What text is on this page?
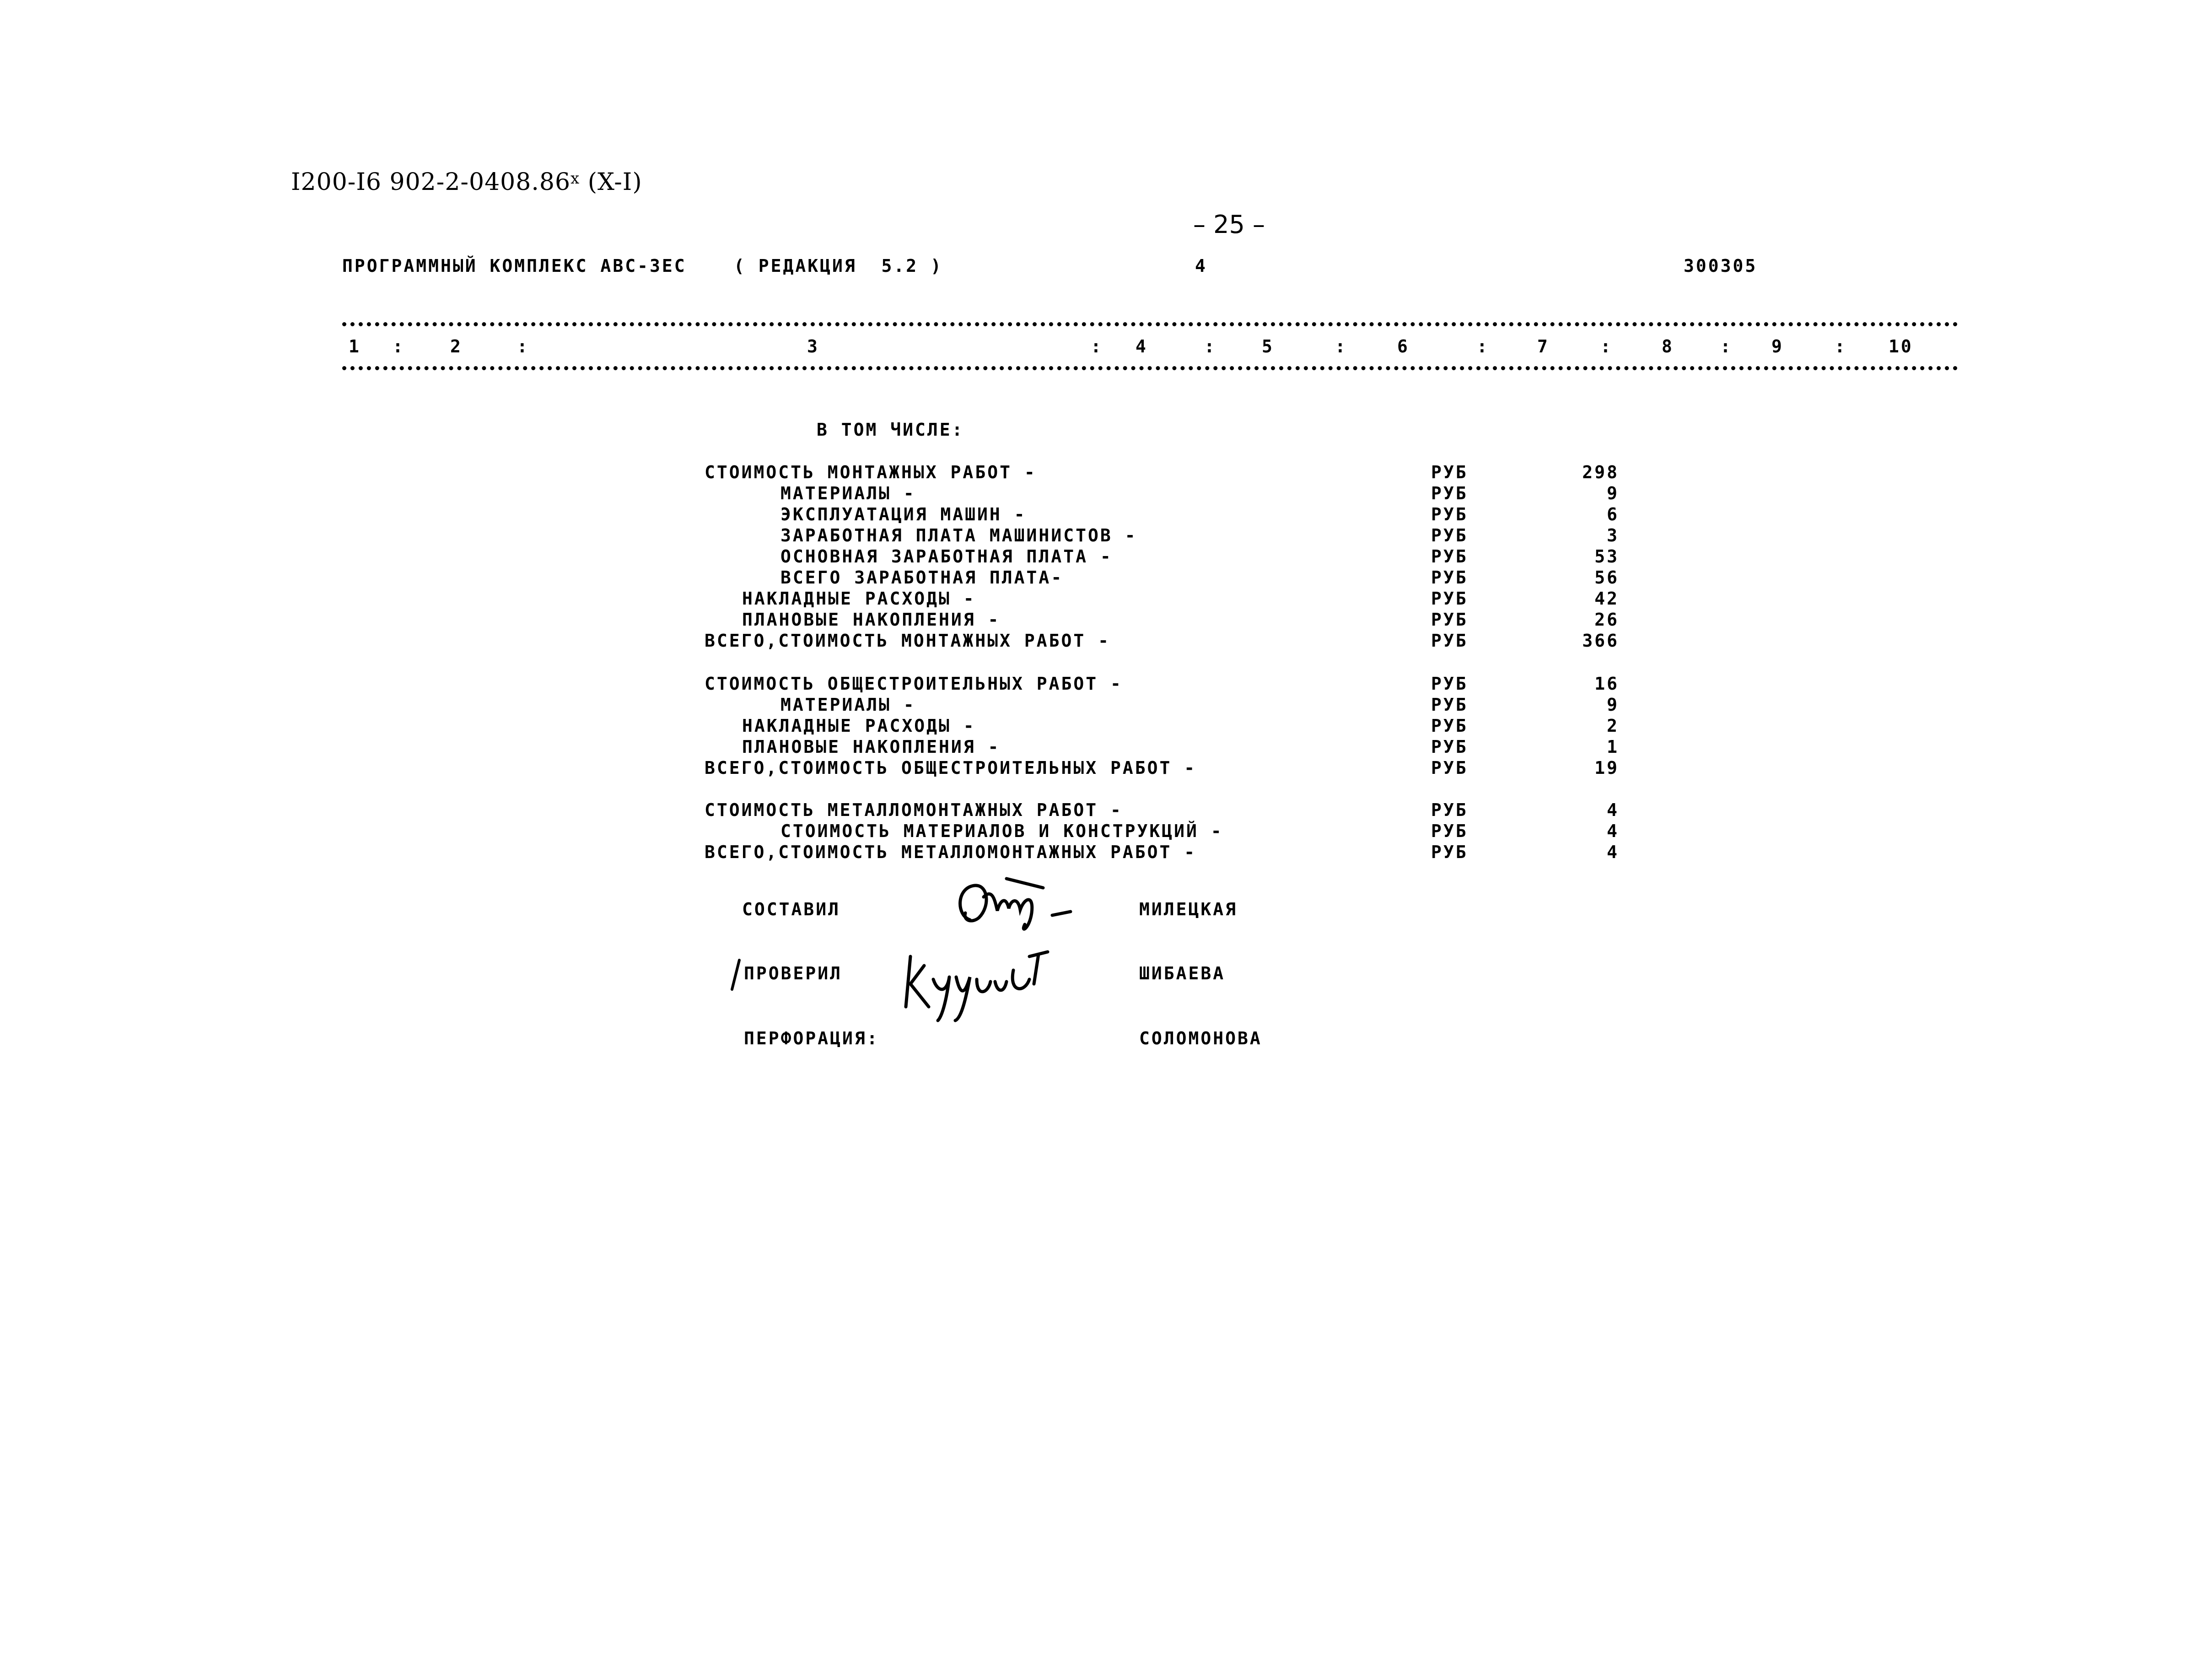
I200-I6 902-2-0408.86$^x$ (X-I)
– 25 –
ПРОГРАММНЫЙ КОМПЛЕКС АВС-3ЕС	( РЕДАКЦИЯ  5.2 )	4	300305
1	2	3	4	5	6	7	8	9	10
:	:	:	:	:	:	:	:	:
В ТОМ ЧИСЛЕ:
СТОИМОСТЬ МОНТАЖНЫХ РАБОТ -	РУБ	298
МАТЕРИАЛЫ -	РУБ	9
ЭКСПЛУАТАЦИЯ МАШИН -	РУБ	6
ЗАРАБОТНАЯ ПЛАТА МАШИНИСТОВ -	РУБ	3
ОСНОВНАЯ ЗАРАБОТНАЯ ПЛАТА -	РУБ	53
ВСЕГО ЗАРАБОТНАЯ ПЛАТА-	РУБ	56
НАКЛАДНЫЕ РАСХОДЫ -	РУБ	42
ПЛАНОВЫЕ НАКОПЛЕНИЯ -	РУБ	26
ВСЕГО,СТОИМОСТЬ МОНТАЖНЫХ РАБОТ -	РУБ	366
СТОИМОСТЬ ОБЩЕСТРОИТЕЛЬНЫХ РАБОТ -	РУБ	16
МАТЕРИАЛЫ -	РУБ	9
НАКЛАДНЫЕ РАСХОДЫ -	РУБ	2
ПЛАНОВЫЕ НАКОПЛЕНИЯ -	РУБ	1
ВСЕГО,СТОИМОСТЬ ОБЩЕСТРОИТЕЛЬНЫХ РАБОТ -	РУБ	19
СТОИМОСТЬ МЕТАЛЛОМОНТАЖНЫХ РАБОТ -	РУБ	4
СТОИМОСТЬ МАТЕРИАЛОВ И КОНСТРУКЦИЙ -	РУБ	4
ВСЕГО,СТОИМОСТЬ МЕТАЛЛОМОНТАЖНЫХ РАБОТ -	РУБ	4
СОСТАВИЛ	МИЛЕЦКАЯ
ПРОВЕРИЛ	ШИБАЕВА
ПЕРФОРАЦИЯ:	СОЛОМОНОВА
